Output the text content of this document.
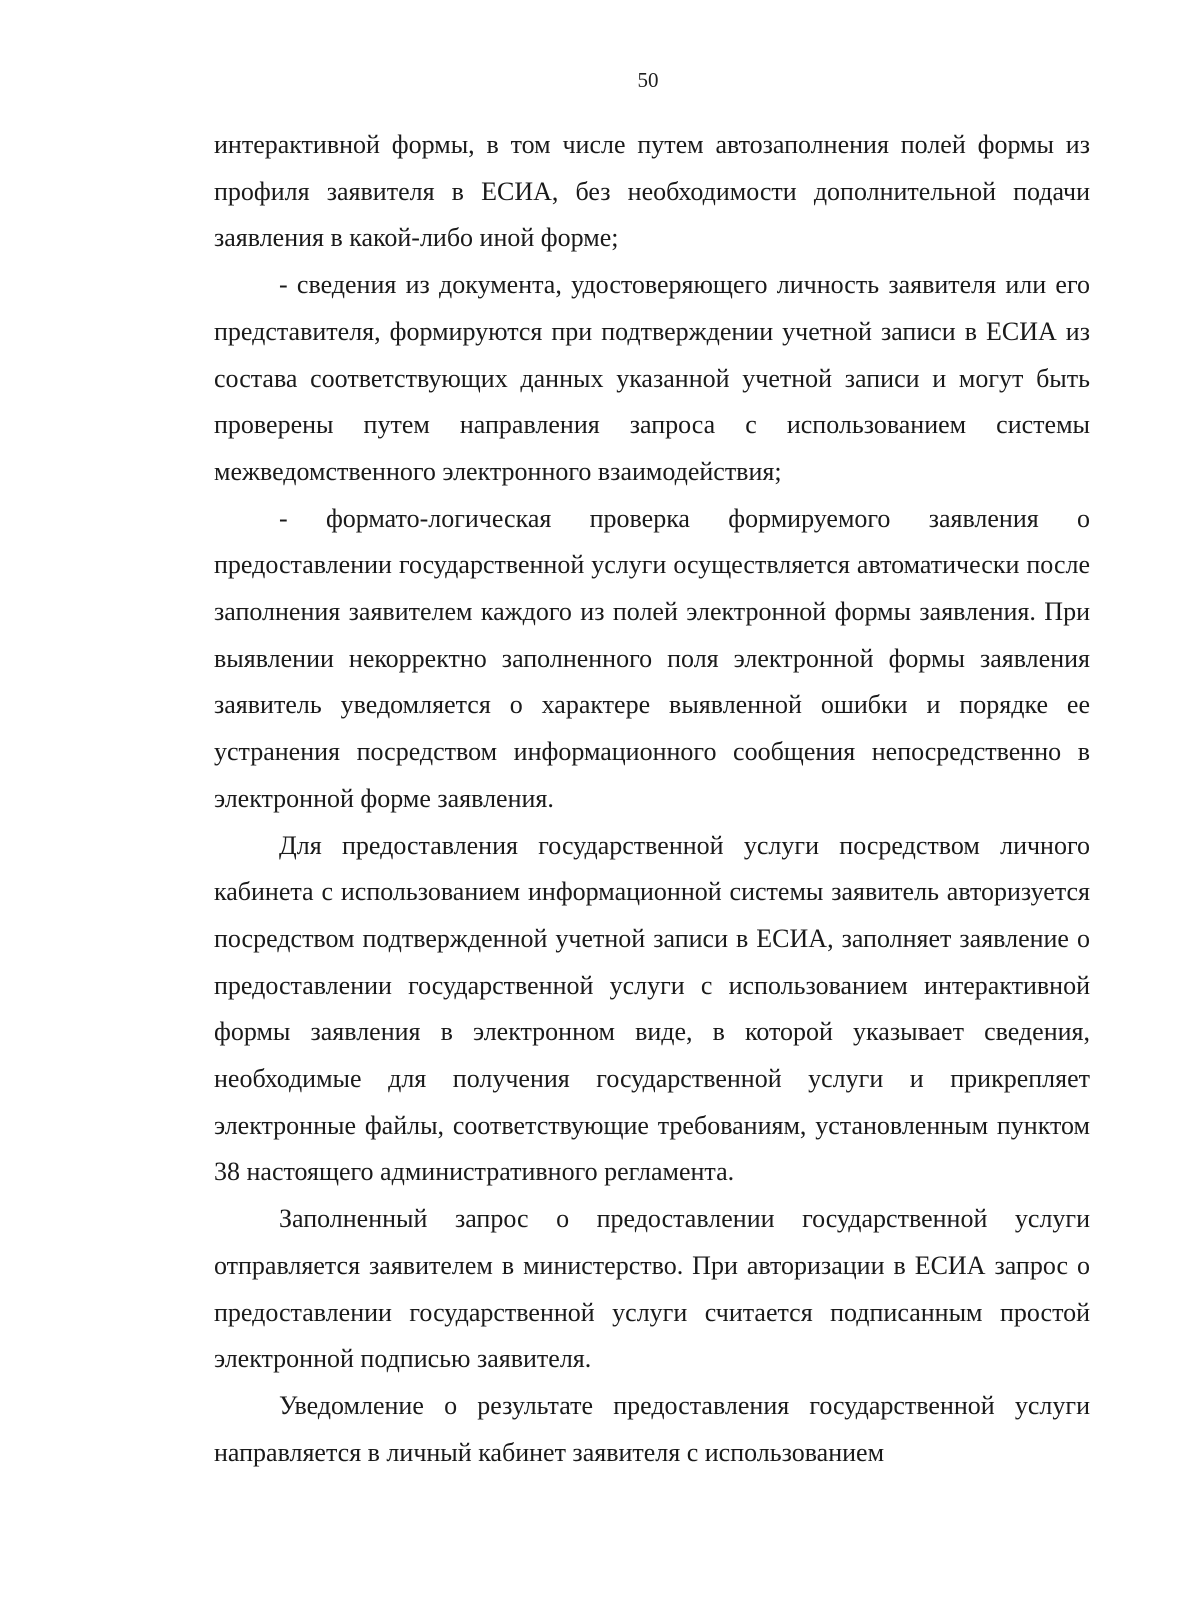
50

интерактивной формы, в том числе путем автозаполнения полей формы из профиля заявителя в ЕСИА, без необходимости дополнительной подачи заявления в какой-либо иной форме;

- сведения из документа, удостоверяющего личность заявителя или его представителя, формируются при подтверждении учетной записи в ЕСИА из состава соответствующих данных указанной учетной записи и могут быть проверены путем направления запроса с использованием системы межведомственного электронного взаимодействия;

- формато-логическая проверка формируемого заявления о предоставлении государственной услуги осуществляется автоматически после заполнения заявителем каждого из полей электронной формы заявления. При выявлении некорректно заполненного поля электронной формы заявления заявитель уведомляется о характере выявленной ошибки и порядке ее устранения посредством информационного сообщения непосредственно в электронной форме заявления.

Для предоставления государственной услуги посредством личного кабинета с использованием информационной системы заявитель авторизуется посредством подтвержденной учетной записи в ЕСИА, заполняет заявление о предоставлении государственной услуги с использованием интерактивной формы заявления в электронном виде, в которой указывает сведения, необходимые для получения государственной услуги и прикрепляет электронные файлы, соответствующие требованиям, установленным пунктом 38 настоящего административного регламента.

Заполненный запрос о предоставлении государственной услуги отправляется заявителем в министерство. При авторизации в ЕСИА запрос о предоставлении государственной услуги считается подписанным простой электронной подписью заявителя.

Уведомление о результате предоставления государственной услуги направляется в личный кабинет заявителя с использованием
